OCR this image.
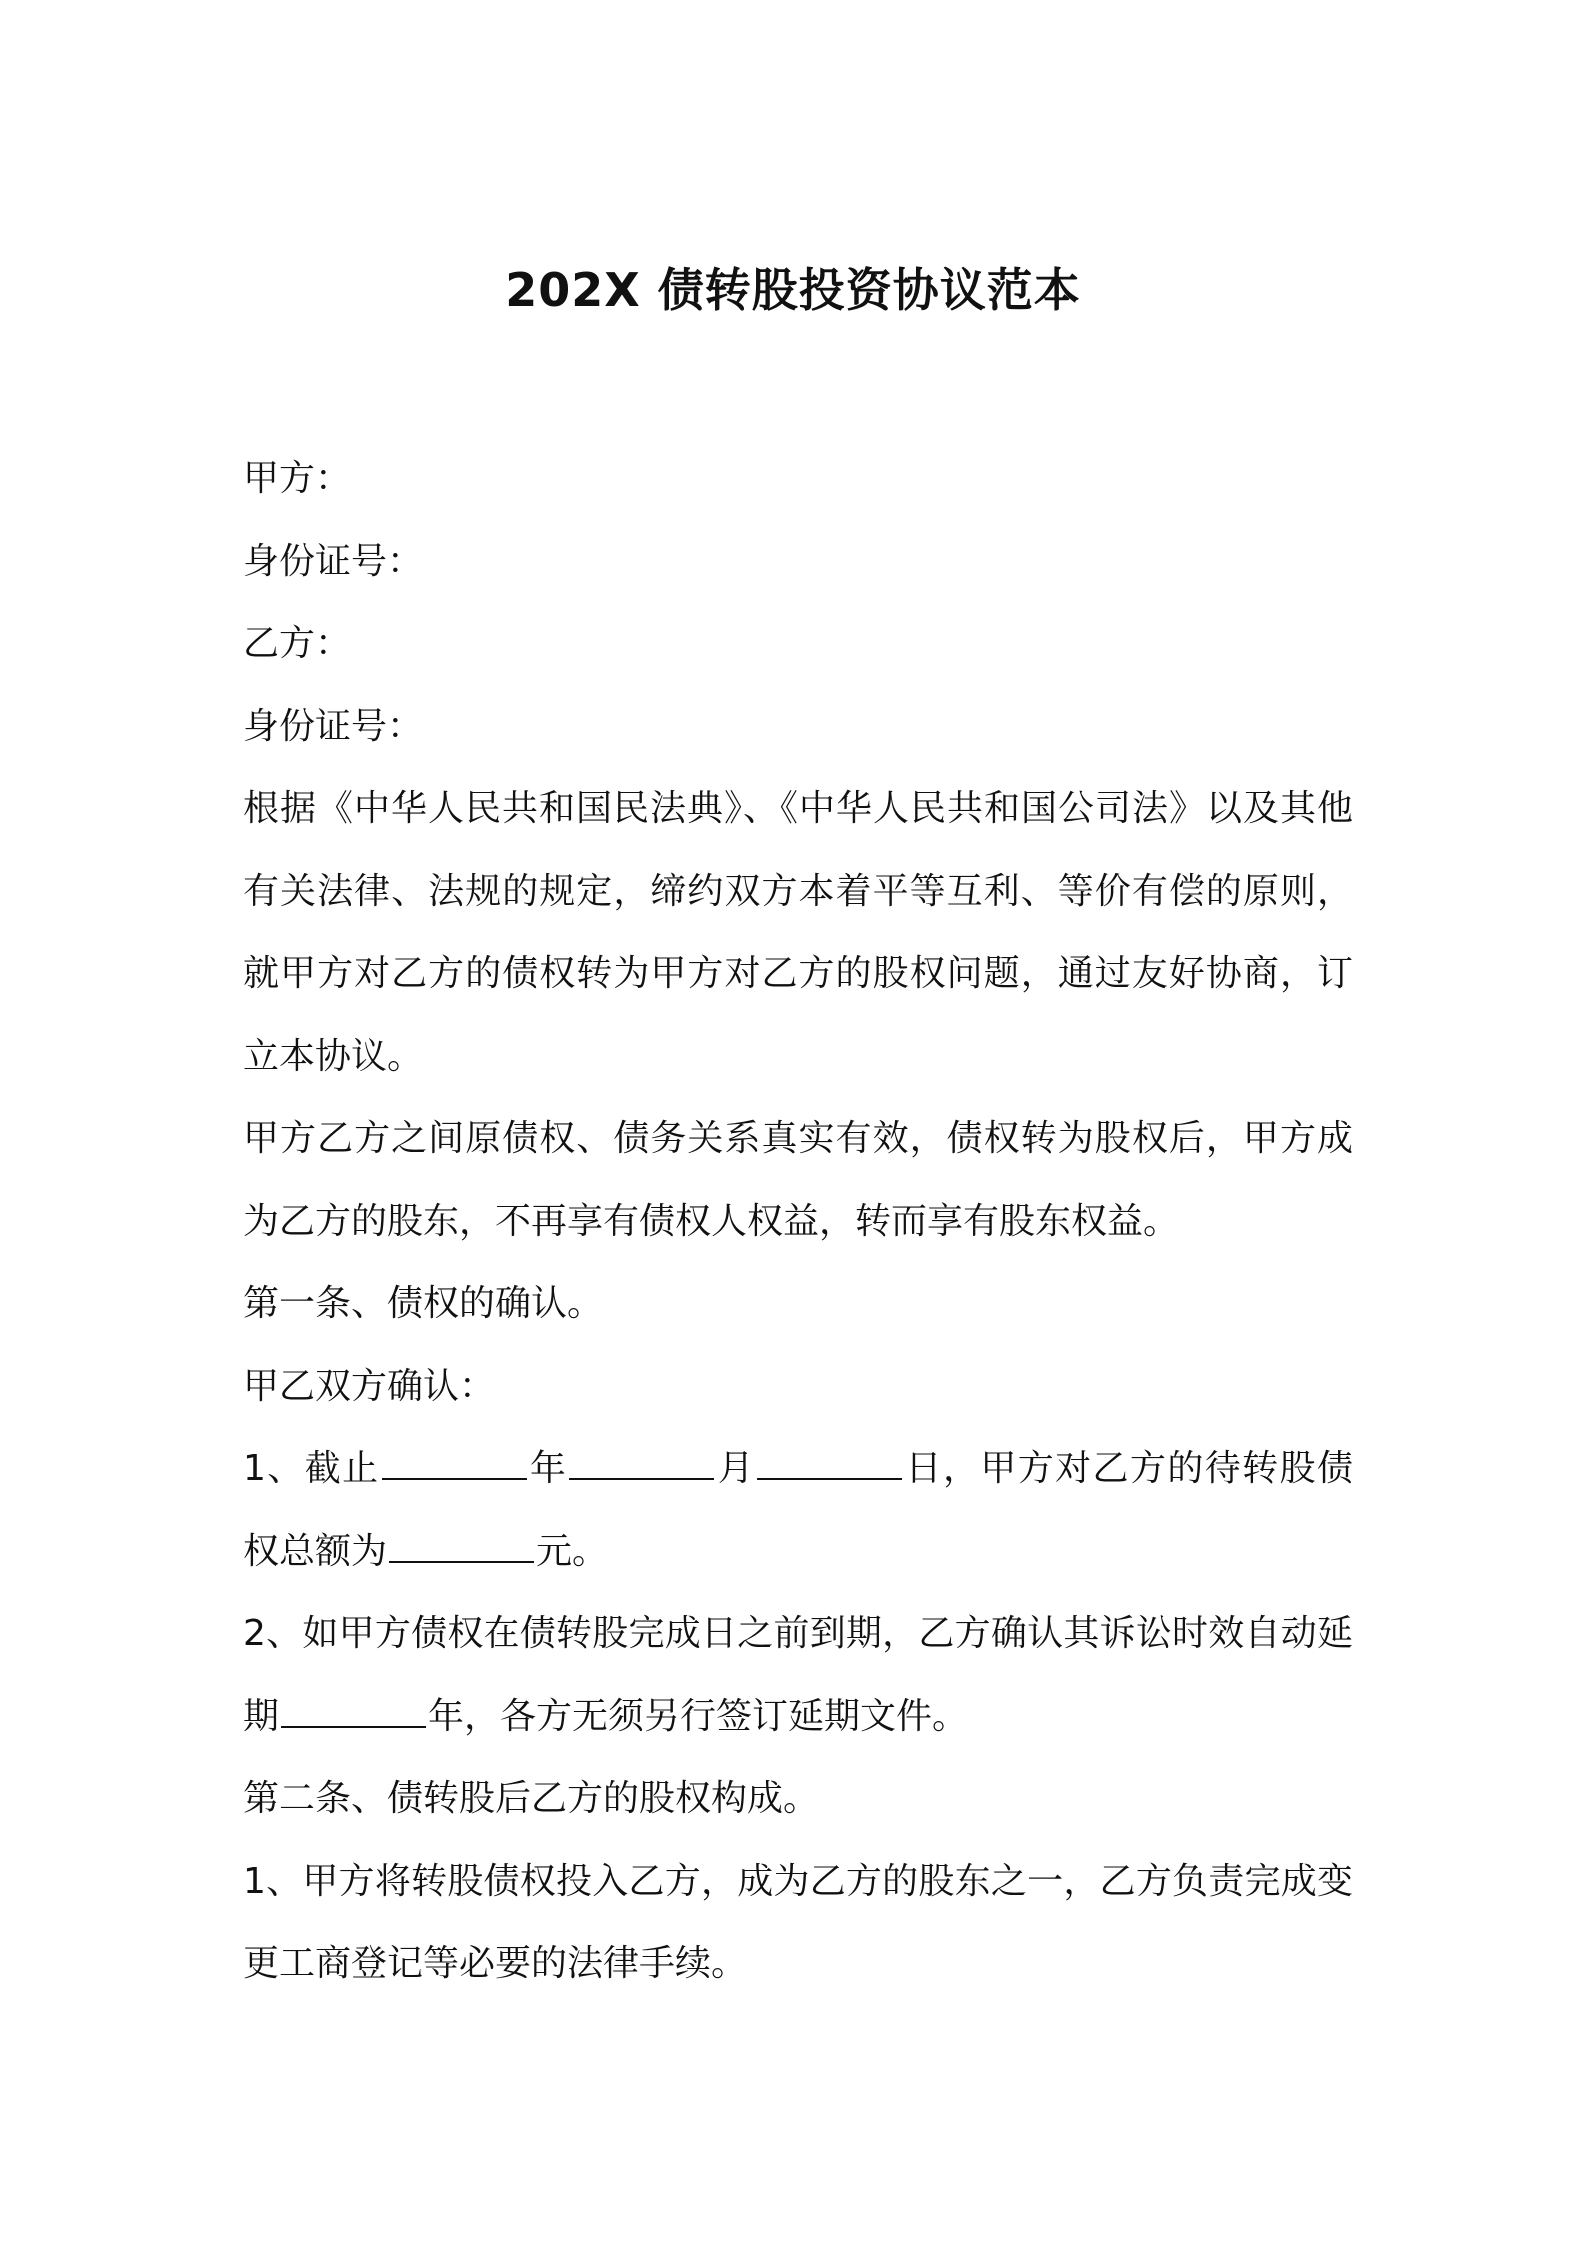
202X 债转股投资协议范本

甲方：

身份证号：

乙方：

身份证号：

根据《中华人民共和国民法典》、《中华人民共和国公司法》以及其他有关法律、法规的规定，缔约双方本着平等互利、等价有偿的原则，就甲方对乙方的债权转为甲方对乙方的股权问题，通过友好协商，订立本协议。

甲方乙方之间原债权、债务关系真实有效，债权转为股权后，甲方成为乙方的股东，不再享有债权人权益，转而享有股东权益。

第一条、债权的确认。

甲乙双方确认：

1、截止	年	月	日，甲方对乙方的待转股债权总额为	元。

2、如甲方债权在债转股完成日之前到期，乙方确认其诉讼时效自动延期	年，各方无须另行签订延期文件。

第二条、债转股后乙方的股权构成。

1、甲方将转股债权投入乙方，成为乙方的股东之一，乙方负责完成变更工商登记等必要的法律手续。
